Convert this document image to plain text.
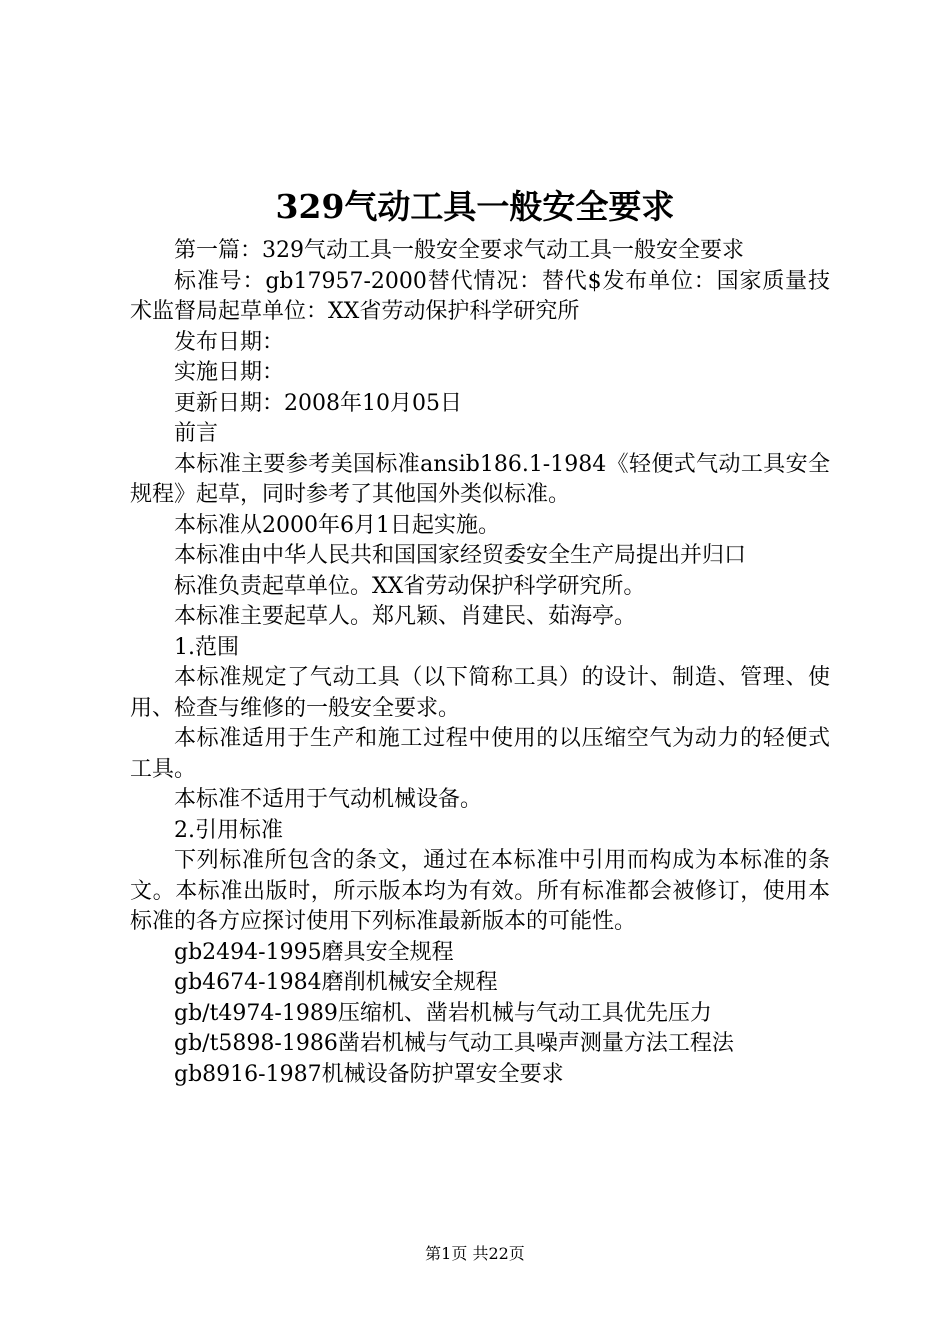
329气动工具一般安全要求

第一篇：329气动工具一般安全要求气动工具一般安全要求

标准号：gb17957-2000替代情况：替代$发布单位：国家质量技术监督局起草单位：XX省劳动保护科学研究所

发布日期：

实施日期：

更新日期：2008年10月05日

前言

本标准主要参考美国标准ansib186.1-1984《轻便式气动工具安全规程》起草，同时参考了其他国外类似标准。

本标准从2000年6月1日起实施。

本标准由中华人民共和国国家经贸委安全生产局提出并归口

标准负责起草单位。XX省劳动保护科学研究所。

本标准主要起草人。郑凡颖、肖建民、茹海亭。

1.范围

本标准规定了气动工具（以下简称工具）的设计、制造、管理、使用、检查与维修的一般安全要求。

本标准适用于生产和施工过程中使用的以压缩空气为动力的轻便式工具。

本标准不适用于气动机械设备。

2.引用标准

下列标准所包含的条文，通过在本标准中引用而构成为本标准的条文。本标准出版时，所示版本均为有效。所有标准都会被修订，使用本标准的各方应探讨使用下列标准最新版本的可能性。

gb2494-1995磨具安全规程

gb4674-1984磨削机械安全规程

gb/t4974-1989压缩机、凿岩机械与气动工具优先压力

gb/t5898-1986凿岩机械与气动工具噪声测量方法工程法

gb8916-1987机械设备防护罩安全要求

第1页 共22页
